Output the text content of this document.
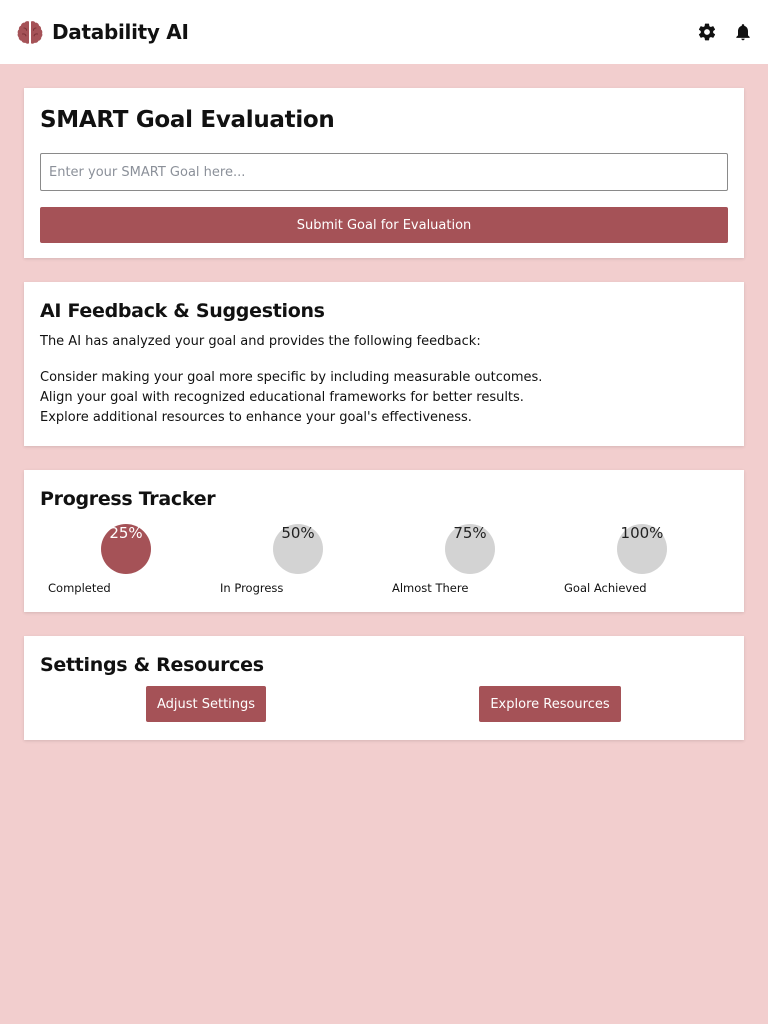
Datability AI
SMART Goal Evaluation
Enter your SMART Goal here...
Submit Goal for Evaluation
AI Feedback & Suggestions

The AI has analyzed your goal and provides the following feedback:

Consider making your goal more specific by including measurable outcomes.
Align your goal with recognized educational frameworks for better results.
Explore additional resources to enhance your goal's effectiveness.
Progress Tracker
25%
Completed
50%
In Progress
75%
Almost There
100%
Goal Achieved
Settings & Resources
Adjust Settings	Explore Resources
